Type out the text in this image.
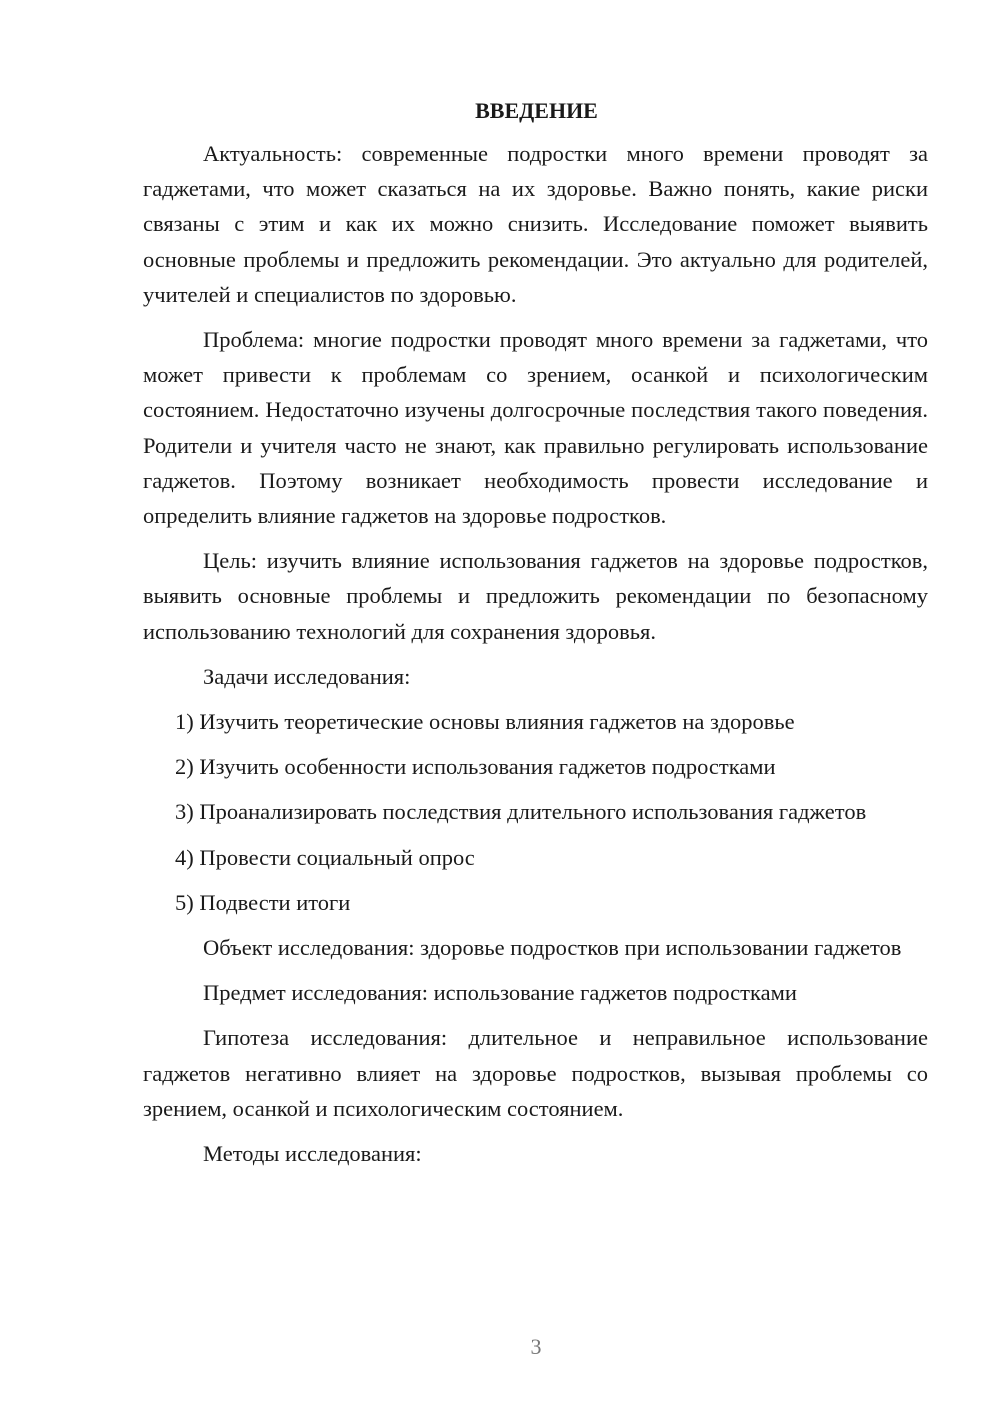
ВВЕДЕНИЕ

Актуальность: современные подростки много времени проводят за гаджетами, что может сказаться на их здоровье. Важно понять, какие риски связаны с этим и как их можно снизить. Исследование поможет выявить основные проблемы и предложить рекомендации. Это актуально для родителей, учителей и специалистов по здоровью.

Проблема: многие подростки проводят много времени за гаджетами, что может привести к проблемам со зрением, осанкой и психологическим состоянием. Недостаточно изучены долгосрочные последствия такого поведения. Родители и учителя часто не знают, как правильно регулировать использование гаджетов. Поэтому возникает необходимость провести исследование и определить влияние гаджетов на здоровье подростков.

Цель: изучить влияние использования гаджетов на здоровье подростков, выявить основные проблемы и предложить рекомендации по безопасному использованию технологий для сохранения здоровья.

Задачи исследования:

1) Изучить теоретические основы влияния гаджетов на здоровье

2) Изучить особенности использования гаджетов подростками

3) Проанализировать последствия длительного использования гаджетов

4) Провести социальный опрос

5) Подвести итоги

Объект исследования: здоровье подростков при использовании гаджетов

Предмет исследования: использование гаджетов подростками

Гипотеза исследования: длительное и неправильное использование гаджетов негативно влияет на здоровье подростков, вызывая проблемы со зрением, осанкой и психологическим состоянием.

Методы исследования:

3
